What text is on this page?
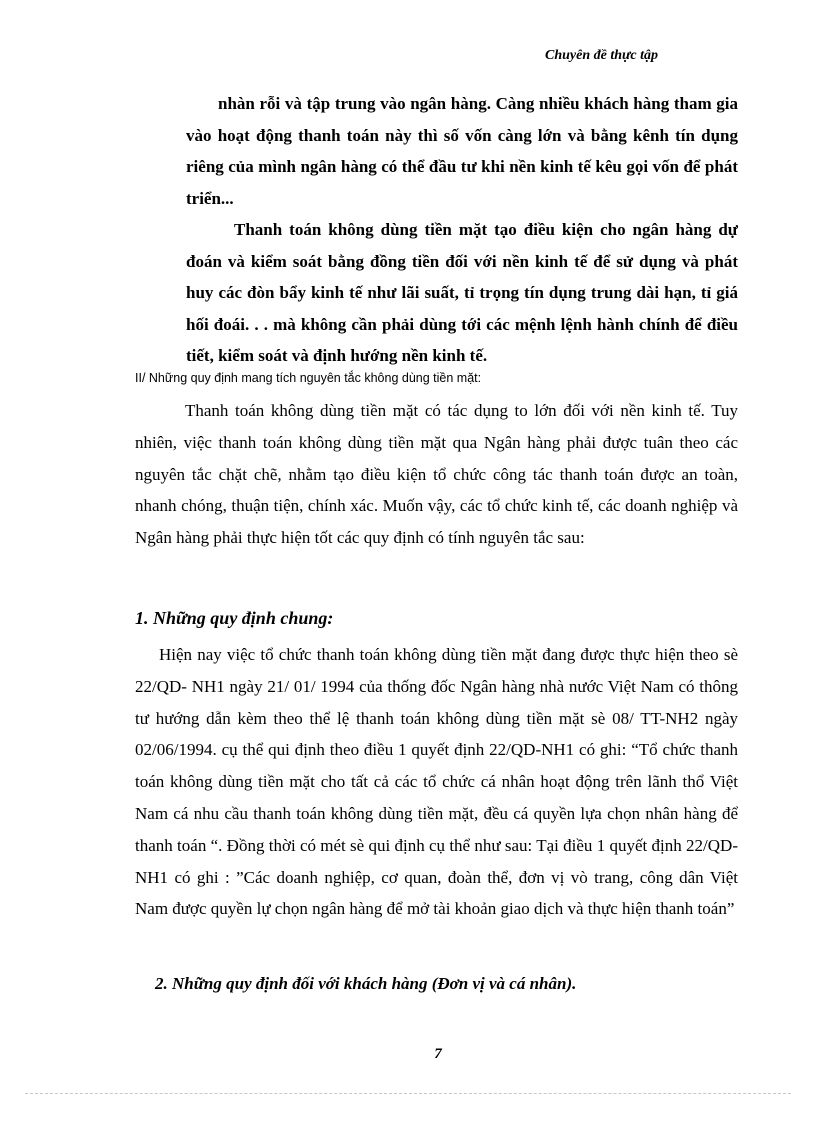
Chuyên đề thực tập

nhàn rỗi và tập trung vào ngân hàng. Càng nhiều khách hàng tham gia vào hoạt động thanh toán này thì số vốn càng lớn và bằng kênh tín dụng riêng của mình ngân hàng có thể đầu tư khi nền kinh tế kêu gọi vốn để phát triển...

Thanh toán không dùng tiền mặt tạo điều kiện cho ngân hàng dự đoán và kiểm soát bằng đồng tiền đối với nền kinh tế để sử dụng và phát huy các đòn bẩy kinh tế như lãi suất, tỉ trọng tín dụng trung dài hạn, tỉ giá hối đoái. . . mà không cần phải dùng tới các mệnh lệnh hành chính để điều tiết, kiểm soát và định hướng nền kinh tế.

II/ Những quy định mang tích nguyên tắc không dùng tiền mặt:

Thanh toán không dùng tiền mặt có tác dụng to lớn đối với nền kinh tế. Tuy nhiên, việc thanh toán không dùng tiền mặt qua Ngân hàng phải được tuân theo các nguyên tắc chặt chẽ, nhằm tạo điều kiện tổ chức công tác thanh toán được an toàn, nhanh chóng, thuận tiện, chính xác. Muốn vậy, các tổ chức kinh tế, các doanh nghiệp và Ngân hàng phải thực hiện tốt các quy định có tính nguyên tắc sau:

1. Những quy định chung:

Hiện nay việc tổ chức thanh toán không dùng tiền mặt đang được thực hiện theo sè 22/QD- NH1 ngày 21/ 01/ 1994 của thống đốc Ngân hàng nhà nước Việt Nam có thông tư hướng dẫn kèm theo thể lệ thanh toán không dùng tiền mặt sè 08/ TT-NH2 ngày 02/06/1994. cụ thể qui định theo điều 1 quyết định 22/QD-NH1 có ghi: “Tổ chức thanh toán không dùng tiền mặt cho tất cả các tổ chức cá nhân hoạt động trên lãnh thổ Việt Nam cá nhu cầu thanh toán không dùng tiền mặt, đều cá quyền lựa chọn nhân hàng để thanh toán “. Đồng thời có mét sè qui định cụ thể như sau: Tại điều 1 quyết định 22/QD- NH1 có ghi : ”Các doanh nghiệp, cơ quan, đoàn thể, đơn vị vò trang, công dân Việt Nam được quyền lự chọn ngân hàng để mở tài khoản giao dịch và thực hiện thanh toán”

2. Những quy định đối với khách hàng (Đơn vị và cá nhân).
7
